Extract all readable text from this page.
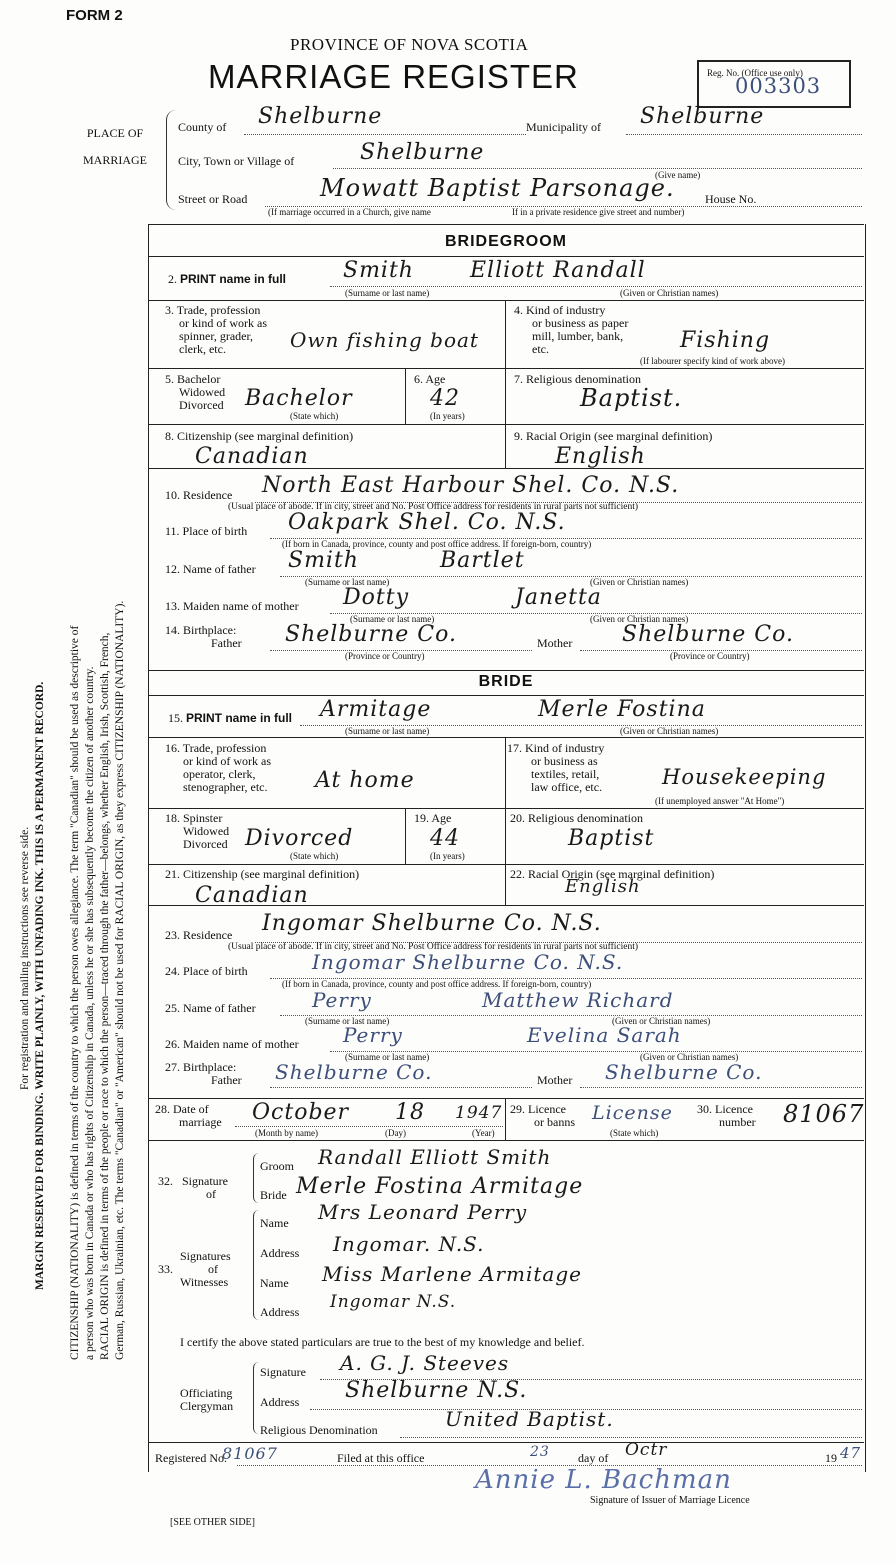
For registration and mailing instructions see reverse side. MARGIN RESERVED FOR BINDING. WRITE PLAINLY, WITH UNFADING INK. THIS IS A PERMANENT RECORD. CITIZENSHIP (NATIONALITY) is defined in terms of the country to which the person owes allegiance. The term "Canadian" should be used as descriptive of a person who was born in Canada or who has rights of Citizenship in Canada, unless he or she has subsequently become the citizen of another country. RACIAL ORIGIN is defined in terms of the people or race to which the person—traced through the father—belongs, whether English, Irish, Scottish, French, German, Russian, Ukrainian, etc. The terms "Canadian" or "American" should not be used for RACIAL ORIGIN, as they express CITIZENSHIP (NATIONALITY).

FORM 2
PROVINCE OF NOVA SCOTIA
MARRIAGE REGISTER	Reg. No. (Office use only)
003303
PLACE OF MARRIAGE
County of Shelburne	Municipality of Shelburne
City, Town or Village of	Shelburne
(Give name)
Street or Road	Mowatt Baptist Parsonage.	House No.
(If marriage occurred in a Church, give name	If in a private residence give street and number)
BRIDEGROOM
2. PRINT name in full	Smith	Elliott Randall
(Surname or last name)	(Given or Christian names)
3. Trade, profession
or kind of work as
spinner, grader,
clerk, etc.	Own fishing boat
4. Kind of industry
or business as paper
mill, lumber, bank,
etc.	Fishing
(If labourer specify kind of work above)
5. Bachelor
Widowed
Divorced Bachelor
(State which)
6. Age
42
(In years)
7. Religious denomination
Baptist.
8. Citizenship (see marginal definition)
Canadian
9. Racial Origin (see marginal definition)
English
10. Residence North East Harbour Shel. Co. N.S.
(Usual place of abode. If in city, street and No. Post Office address for residents in rural parts not sufficient)
11. Place of birth Oakpark Shel. Co. N.S.
(If born in Canada, province, county and post office address. If foreign-born, country)
12. Name of father Smith	Bartlet
(Surname or last name)	(Given or Christian names)
13. Maiden name of mother Dotty	Janetta
(Surname or last name)	(Given or Christian names)
14. Birthplace:
Father Shelburne Co.	Mother Shelburne Co.
(Province or Country)	(Province or Country)
BRIDE
15. PRINT name in full Armitage	Merle Fostina
(Surname or last name)	(Given or Christian names)
16. Trade, profession
or kind of work as
operator, clerk,
stenographer, etc. At home
17. Kind of industry
or business as
textiles, retail,
law office, etc.	Housekeeping
(If unemployed answer "At Home")
18. Spinster
Widowed
Divorced Divorced
(State which)
19. Age
44
(In years)
20. Religious denomination
Baptist
21. Citizenship (see marginal definition)
Canadian
22. Racial Origin (see marginal definition)
English
23. Residence Ingomar Shelburne Co. N.S.
(Usual place of abode. If in city, street and No. Post Office address for residents in rural parts not sufficient)
24. Place of birth	Ingomar Shelburne Co. N.S.
(If born in Canada, province, county and post office address. If foreign-born, country)
25. Name of father	Perry	Matthew Richard
(Surname or last name)	(Given or Christian names)
26. Maiden name of mother Perry	Evelina Sarah
(Surname or last name)	(Given or Christian names)
27. Birthplace:
Father Shelburne Co.	Mother Shelburne Co.
28. Date of
marriage October 18 1947
(Month by name)	(Day)	(Year)
29. Licence
or banns License
(State which)
30. Licence
number 81067
32. Signature
of
Groom Randall Elliott Smith
Bride Merle Fostina Armitage
Signatures
of
Witnesses
33.
Name Mrs Leonard Perry
Address Ingomar. N.S.
Name Miss Marlene Armitage
Address Ingomar N.S.
I certify the above stated particulars are true to the best of my knowledge and belief.
Officiating
Clergyman
Signature A. G. J. Steeves
Address Shelburne N.S.
Religious Denomination	United Baptist.
Registered No.
81067	Filed at this office	23 day of Octr	19 47
Annie L. Bachman
Signature of Issuer of Marriage Licence
[SEE OTHER SIDE]
